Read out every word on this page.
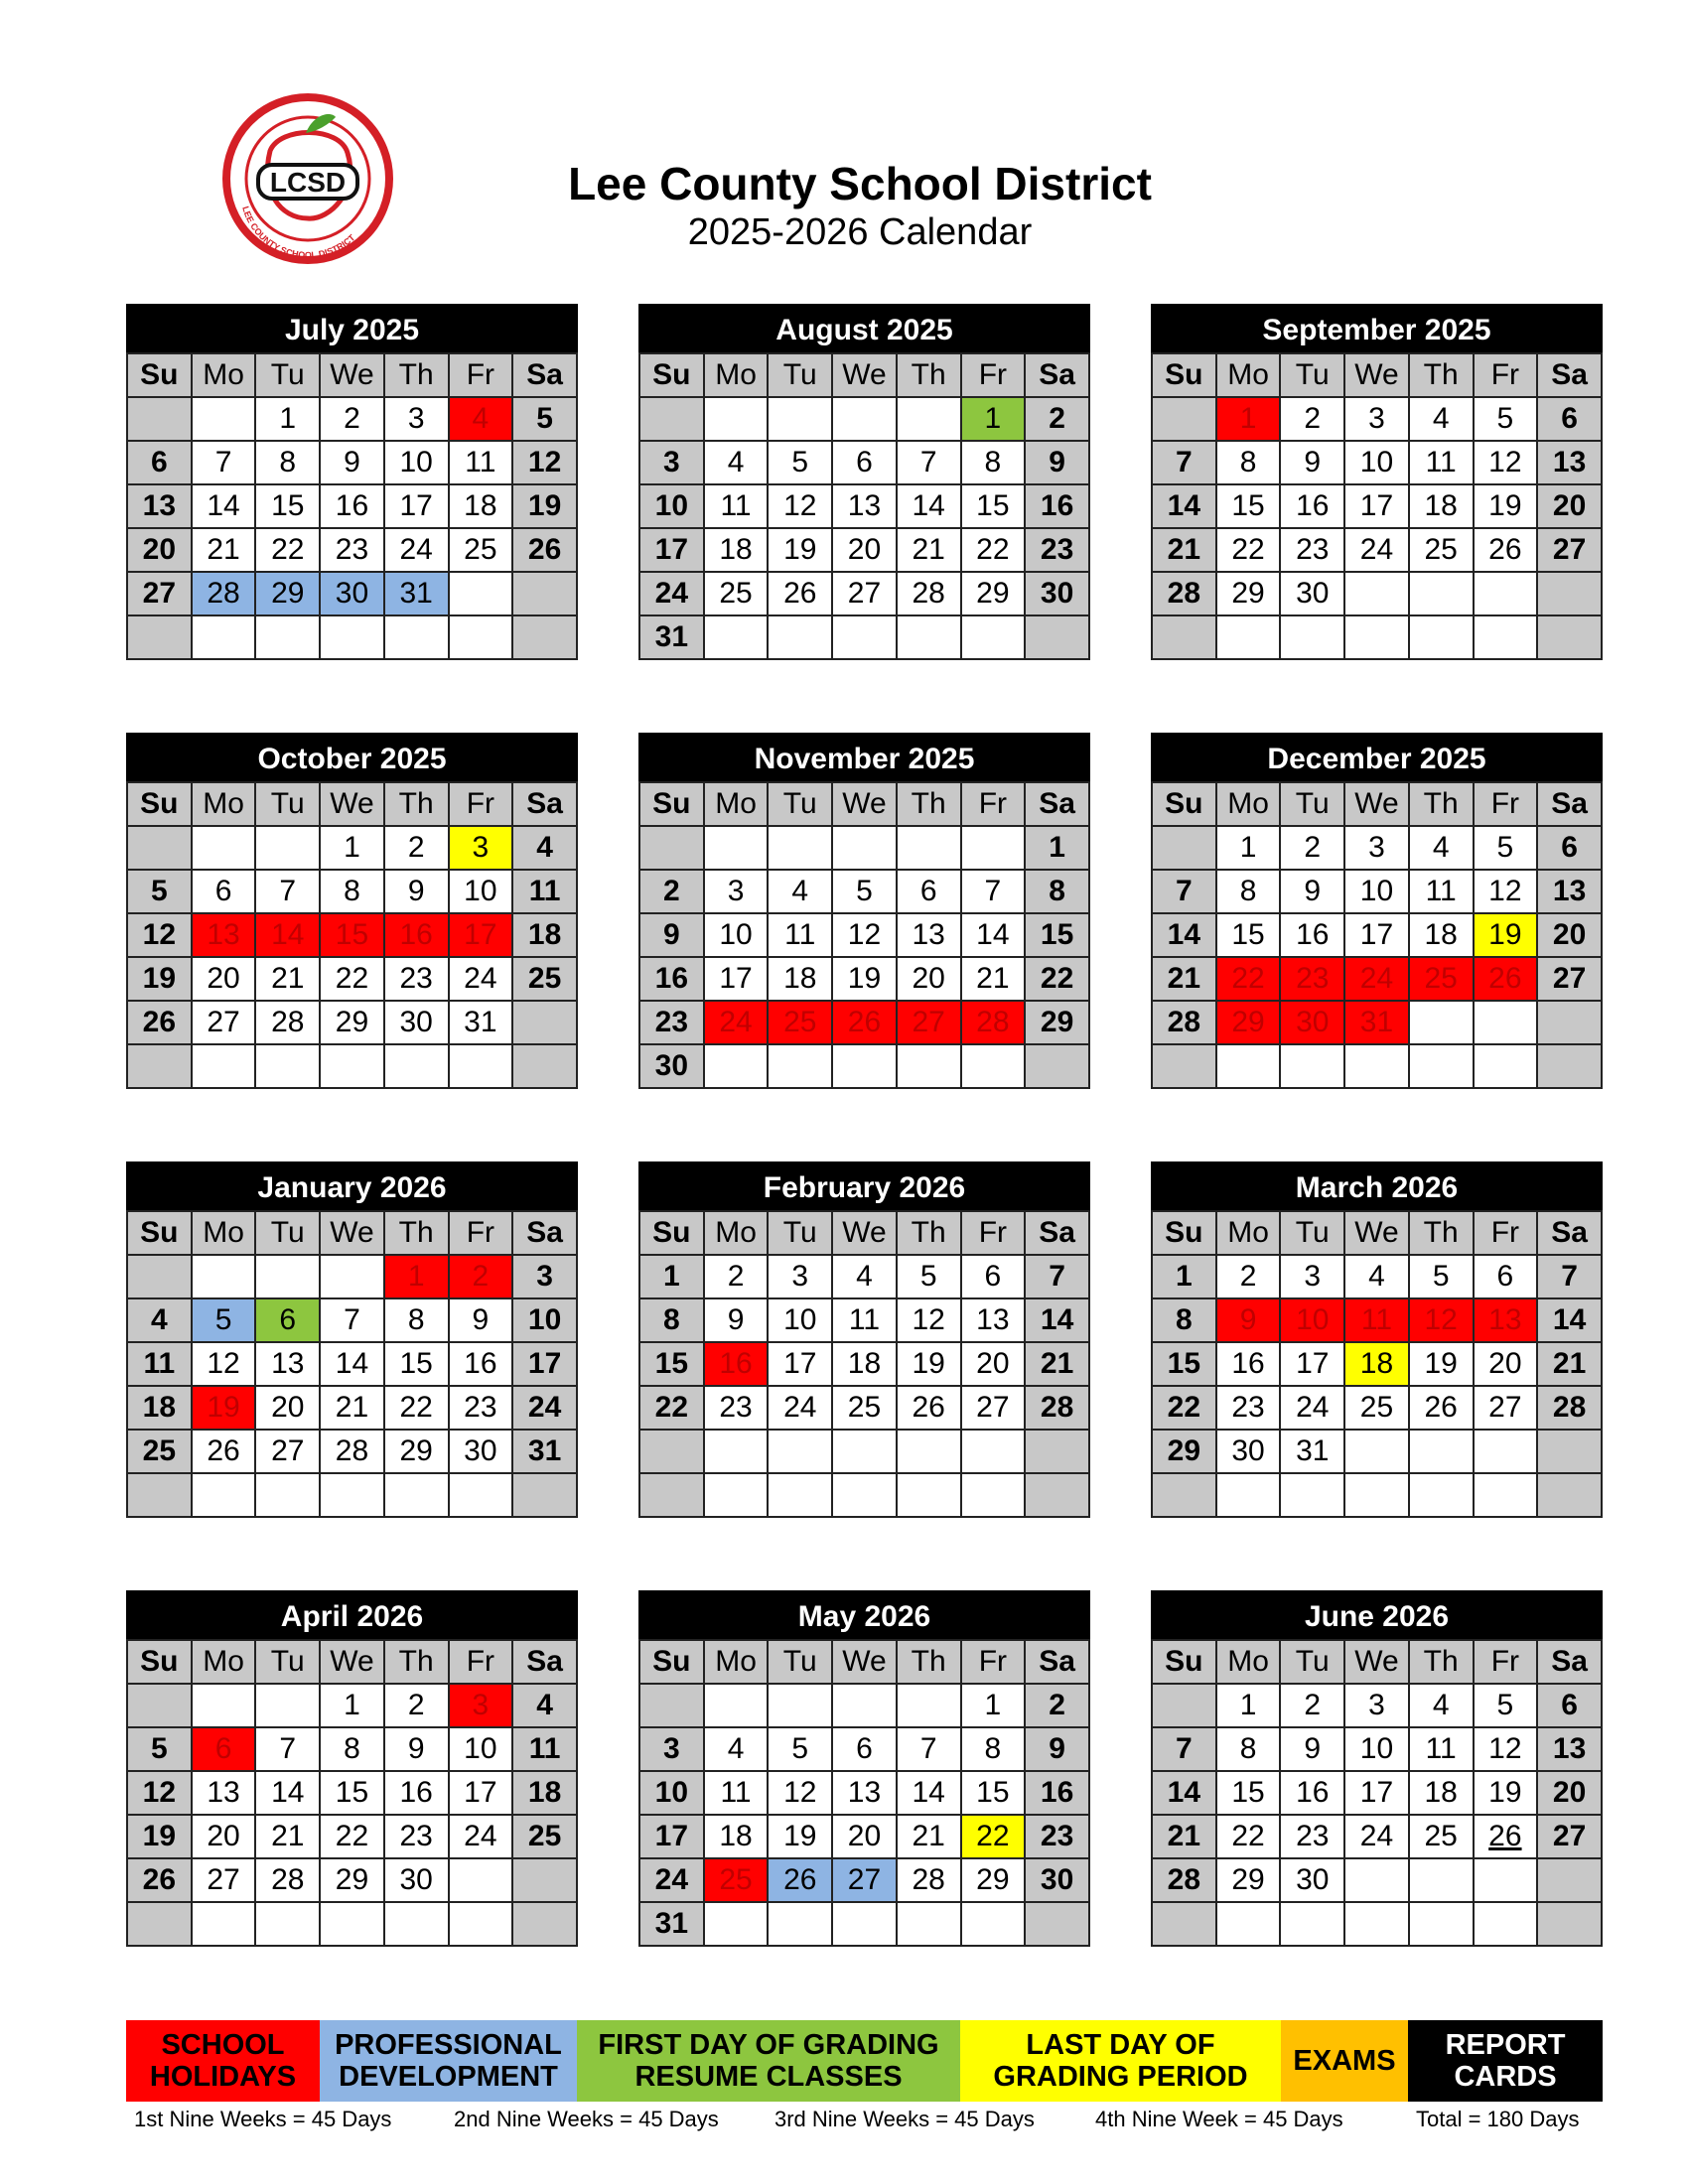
LCSD
LEE COUNTY SCHOOL DISTRICT
Lee County School District
2025-2026 Calendar
July 2025
Su	Mo	Tu	We	Th	Fr	Sa
		1	2	3	4	5
6	7	8	9	10	11	12
13	14	15	16	17	18	19
20	21	22	23	24	25	26
27	28	29	30	31		

August 2025
Su	Mo	Tu	We	Th	Fr	Sa
					1	2
3	4	5	6	7	8	9
10	11	12	13	14	15	16
17	18	19	20	21	22	23
24	25	26	27	28	29	30
31						
September 2025
Su	Mo	Tu	We	Th	Fr	Sa
	1	2	3	4	5	6
7	8	9	10	11	12	13
14	15	16	17	18	19	20
21	22	23	24	25	26	27
28	29	30				

October 2025
Su	Mo	Tu	We	Th	Fr	Sa
			1	2	3	4
5	6	7	8	9	10	11
12	13	14	15	16	17	18
19	20	21	22	23	24	25
26	27	28	29	30	31	

November 2025
Su	Mo	Tu	We	Th	Fr	Sa
						1
2	3	4	5	6	7	8
9	10	11	12	13	14	15
16	17	18	19	20	21	22
23	24	25	26	27	28	29
30						
December 2025
Su	Mo	Tu	We	Th	Fr	Sa
	1	2	3	4	5	6
7	8	9	10	11	12	13
14	15	16	17	18	19	20
21	22	23	24	25	26	27
28	29	30	31			

January 2026
Su	Mo	Tu	We	Th	Fr	Sa
				1	2	3
4	5	6	7	8	9	10
11	12	13	14	15	16	17
18	19	20	21	22	23	24
25	26	27	28	29	30	31

February 2026
Su	Mo	Tu	We	Th	Fr	Sa
1	2	3	4	5	6	7
8	9	10	11	12	13	14
15	16	17	18	19	20	21
22	23	24	25	26	27	28

March 2026
Su	Mo	Tu	We	Th	Fr	Sa
1	2	3	4	5	6	7
8	9	10	11	12	13	14
15	16	17	18	19	20	21
22	23	24	25	26	27	28
29	30	31				

April 2026
Su	Mo	Tu	We	Th	Fr	Sa
			1	2	3	4
5	6	7	8	9	10	11
12	13	14	15	16	17	18
19	20	21	22	23	24	25
26	27	28	29	30		

May 2026
Su	Mo	Tu	We	Th	Fr	Sa
					1	2
3	4	5	6	7	8	9
10	11	12	13	14	15	16
17	18	19	20	21	22	23
24	25	26	27	28	29	30
31						
June 2026
Su	Mo	Tu	We	Th	Fr	Sa
	1	2	3	4	5	6
7	8	9	10	11	12	13
14	15	16	17	18	19	20
21	22	23	24	25	26	27
28	29	30				

SCHOOL
HOLIDAYS
PROFESSIONAL
DEVELOPMENT
FIRST DAY OF GRADING
RESUME CLASSES
LAST DAY OF
GRADING PERIOD	EXAMS	REPORT
CARDS
1st Nine Weeks = 45 Days	2nd Nine Weeks = 45 Days	3rd Nine Weeks = 45 Days	4th Nine Week = 45 Days	Total = 180 Days
